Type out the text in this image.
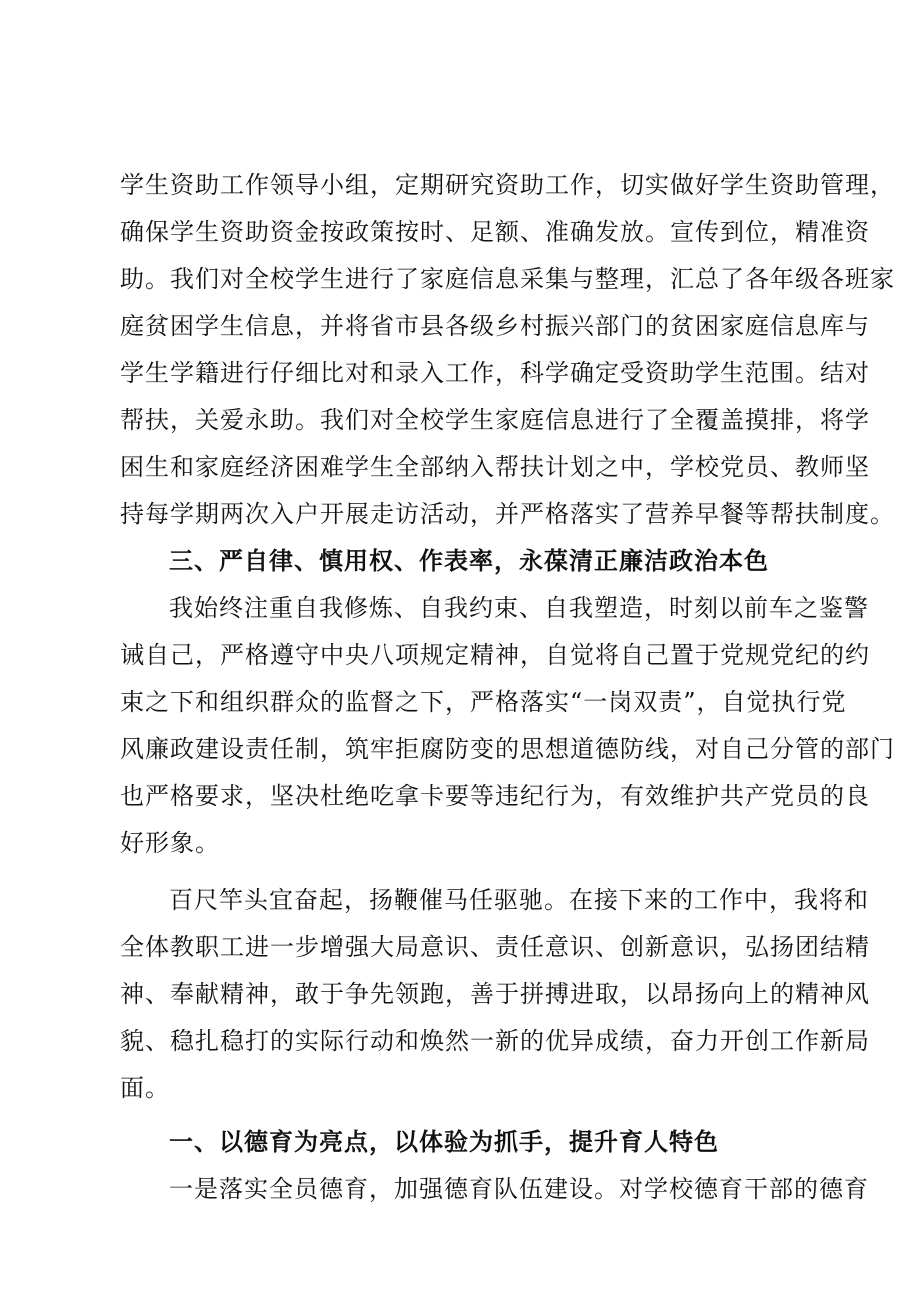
学生资助工作领导小组，定期研究资助工作，切实做好学生资助管理，
确保学生资助资金按政策按时、足额、准确发放。宣传到位，精准资
助。我们对全校学生进行了家庭信息采集与整理，汇总了各年级各班家
庭贫困学生信息，并将省市县各级乡村振兴部门的贫困家庭信息库与
学生学籍进行仔细比对和录入工作，科学确定受资助学生范围。结对
帮扶，关爱永助。我们对全校学生家庭信息进行了全覆盖摸排，将学
困生和家庭经济困难学生全部纳入帮扶计划之中，学校党员、教师坚
持每学期两次入户开展走访活动，并严格落实了营养早餐等帮扶制度。
三、严自律、慎用权、作表率，永葆清正廉洁政治本色
我始终注重自我修炼、自我约束、自我塑造，时刻以前车之鉴警
诫自己，严格遵守中央八项规定精神，自觉将自己置于党规党纪的约
束之下和组织群众的监督之下，严格落实“一岗双责”，自觉执行党
风廉政建设责任制，筑牢拒腐防变的思想道德防线，对自己分管的部门
也严格要求，坚决杜绝吃拿卡要等违纪行为，有效维护共产党员的良
好形象。
百尺竿头宜奋起，扬鞭催马任驱驰。在接下来的工作中，我将和
全体教职工进一步增强大局意识、责任意识、创新意识，弘扬团结精
神、奉献精神，敢于争先领跑，善于拼搏进取，以昂扬向上的精神风
貌、稳扎稳打的实际行动和焕然一新的优异成绩，奋力开创工作新局
面。
一、以德育为亮点，以体验为抓手，提升育人特色
一是落实全员德育，加强德育队伍建设。对学校德育干部的德育
